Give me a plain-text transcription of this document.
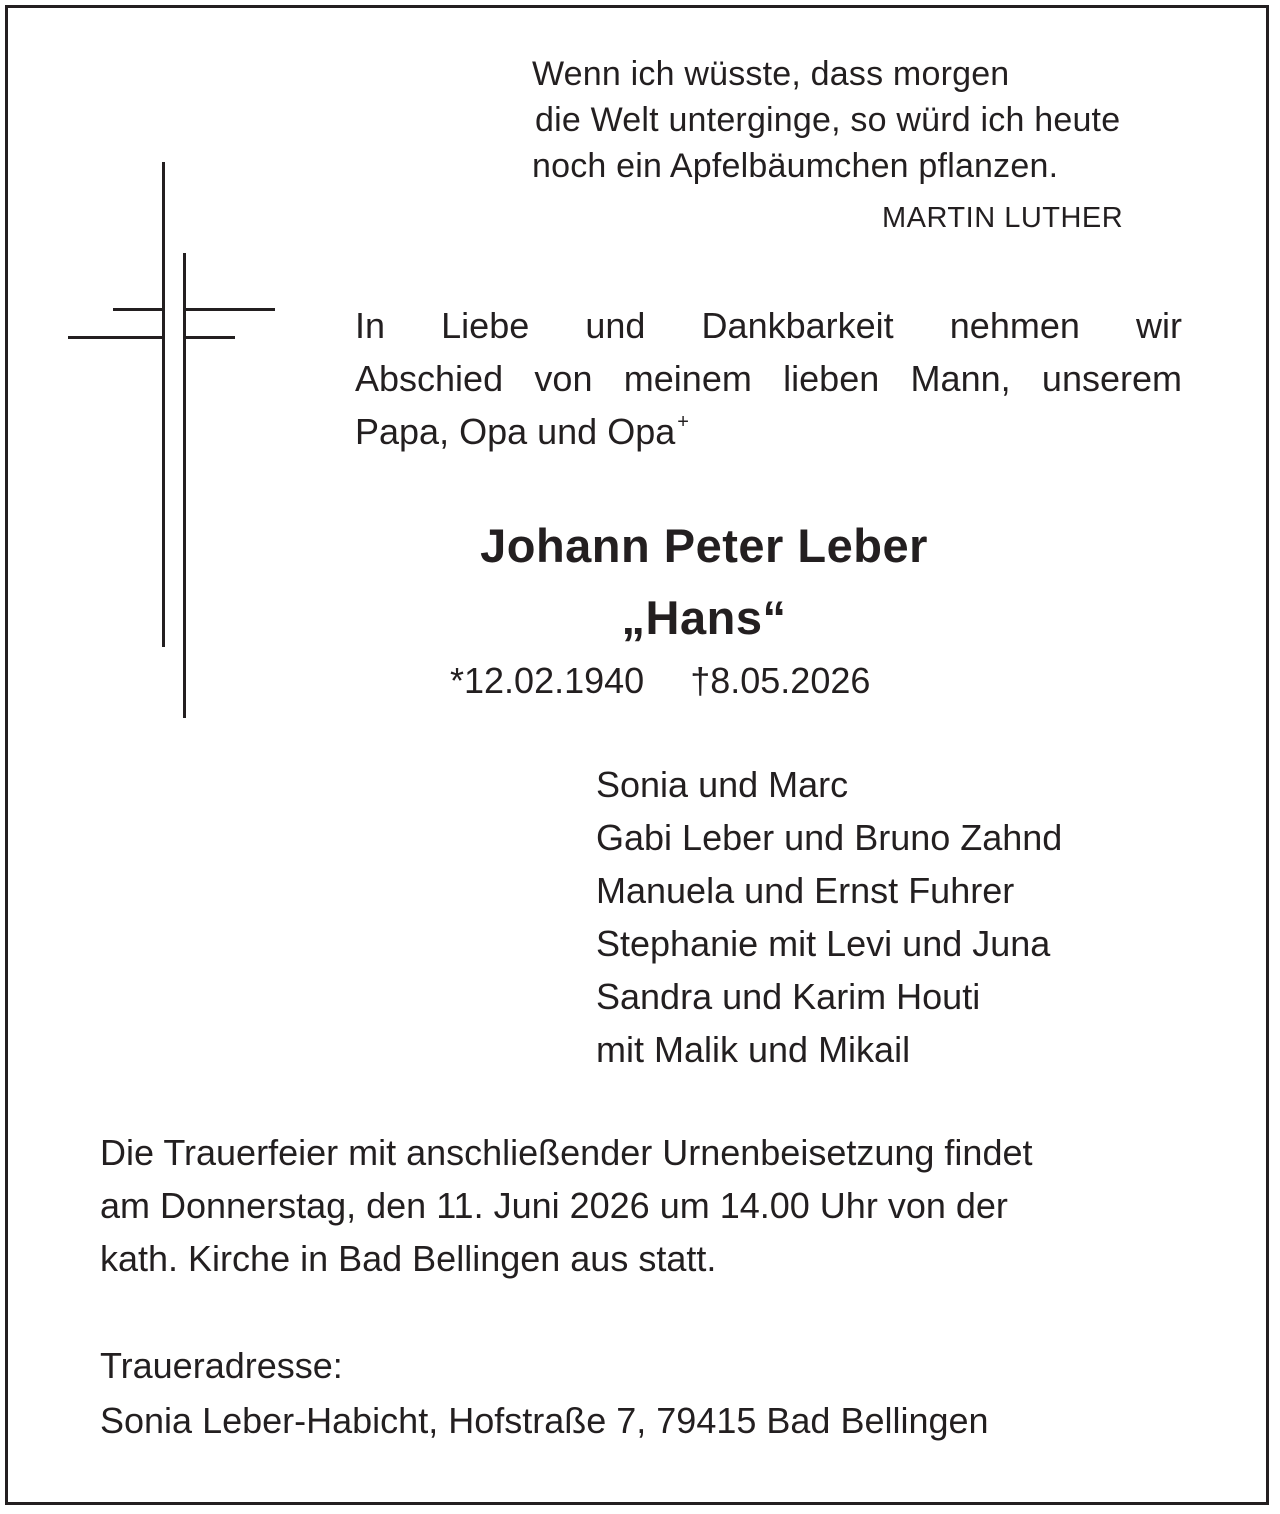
Wenn ich wüsste, dass morgen
die Welt unterginge, so würd ich heute
noch ein Apfelbäumchen pflanzen.
MARTIN LUTHER
In Liebe und Dankbarkeit nehmen wir
Abschied von meinem lieben Mann, unserem
Papa, Opa und Opa +
Johann Peter Leber
„Hans“
*12.02.1940 †8.05.2026
Sonia und Marc
Gabi Leber und Bruno Zahnd
Manuela und Ernst Fuhrer
Stephanie mit Levi und Juna
Sandra und Karim Houti
mit Malik und Mikail
Die Trauerfeier mit anschließender Urnenbeisetzung findet
am Donnerstag, den 11. Juni 2026 um 14.00 Uhr von der
kath. Kirche in Bad Bellingen aus statt.
Traueradresse:
Sonia Leber-Habicht, Hofstraße 7, 79415 Bad Bellingen
